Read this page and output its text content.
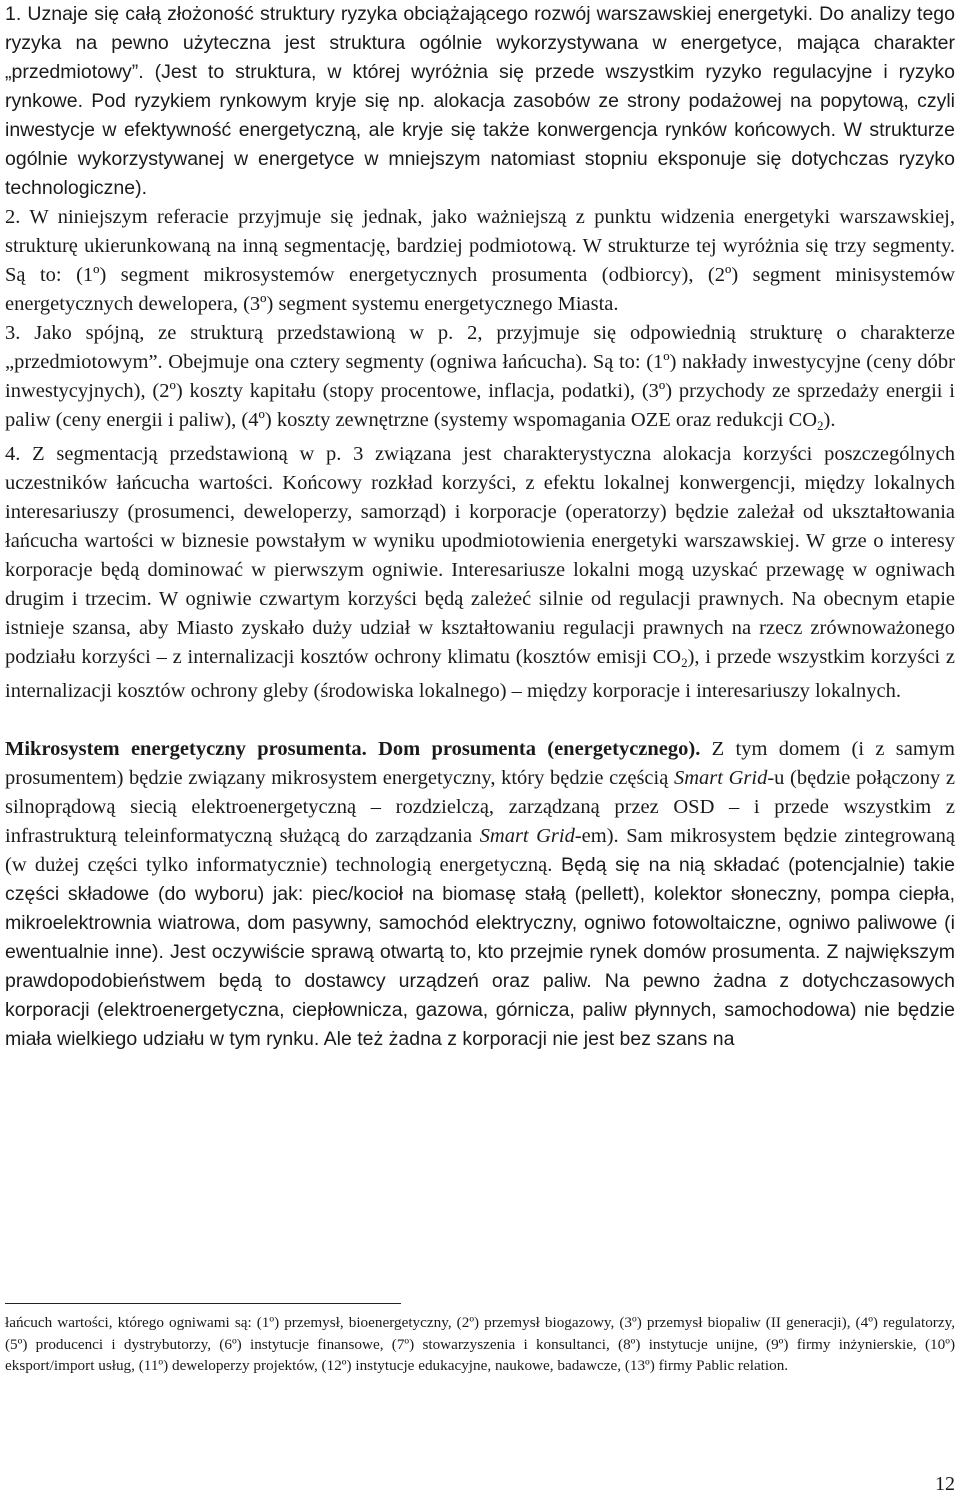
1. Uznaje się całą złożoność struktury ryzyka obciążającego rozwój warszawskiej energetyki. Do analizy tego ryzyka na pewno użyteczna jest struktura ogólnie wykorzystywana w energetyce, mająca charakter „przedmiotowy”. (Jest to struktura, w której wyróżnia się przede wszystkim ryzyko regulacyjne i ryzyko rynkowe. Pod ryzykiem rynkowym kryje się np. alokacja zasobów ze strony podażowej na popytową, czyli inwestycje w efektywność energetyczną, ale kryje się także konwergencja rynków końcowych. W strukturze ogólnie wykorzystywanej w energetyce w mniejszym natomiast stopniu eksponuje się dotychczas ryzyko technologiczne).

2. W niniejszym referacie przyjmuje się jednak, jako ważniejszą z punktu widzenia energetyki warszawskiej, strukturę ukierunkowaną na inną segmentację, bardziej podmiotową. W strukturze tej wyróżnia się trzy segmenty. Są to: (1º) segment mikrosystemów energetycznych prosumenta (odbiorcy), (2º) segment minisystemów energetycznych dewelopera, (3º) segment systemu energetycznego Miasta.

3. Jako spójną, ze strukturą przedstawioną w p. 2, przyjmuje się odpowiednią strukturę o charakterze „przedmiotowym”. Obejmuje ona cztery segmenty (ogniwa łańcucha). Są to: (1º) nakłady inwestycyjne (ceny dóbr inwestycyjnych), (2º) koszty kapitału (stopy procentowe, inflacja, podatki), (3º) przychody ze sprzedaży energii i paliw (ceny energii i paliw), (4º) koszty zewnętrzne (systemy wspomagania OZE oraz redukcji $CO_2$).

4. Z segmentacją przedstawioną w p. 3 związana jest charakterystyczna alokacja korzyści poszczególnych uczestników łańcucha wartości. Końcowy rozkład korzyści, z efektu lokalnej konwergencji, między lokalnych interesariuszy (prosumenci, deweloperzy, samorząd) i korporacje (operatorzy) będzie zależał od ukształtowania łańcucha wartości w biznesie powstałym w wyniku upodmiotowienia energetyki warszawskiej. W grze o interesy korporacje będą dominować w pierwszym ogniwie. Interesariusze lokalni mogą uzyskać przewagę w ogniwach drugim i trzecim. W ogniwie czwartym korzyści będą zależeć silnie od regulacji prawnych. Na obecnym etapie istnieje szansa, aby Miasto zyskało duży udział w kształtowaniu regulacji prawnych na rzecz zrównoważonego podziału korzyści – z internalizacji kosztów ochrony klimatu (kosztów emisji $CO_2$), i przede wszystkim korzyści z internalizacji kosztów ochrony gleby (środowiska lokalnego) – między korporacje i interesariuszy lokalnych.

Mikrosystem energetyczny prosumenta. Dom prosumenta (energetycznego). Z tym domem (i z samym prosumentem) będzie związany mikrosystem energetyczny, który będzie częścią Smart Grid-u (będzie połączony z silnoprądową siecią elektroenergetyczną – rozdzielczą, zarządzaną przez OSD – i przede wszystkim z infrastrukturą teleinformatyczną służącą do zarządzania Smart Grid-em). Sam mikrosystem będzie zintegrowaną (w dużej części tylko informatycznie) technologią energetyczną. Będą się na nią składać (potencjalnie) takie części składowe (do wyboru) jak: piec/kocioł na biomasę stałą (pellett), kolektor słoneczny, pompa ciepła, mikroelektrownia wiatrowa, dom pasywny, samochód elektryczny, ogniwo fotowoltaiczne, ogniwo paliwowe (i ewentualnie inne). Jest oczywiście sprawą otwartą to, kto przejmie rynek domów prosumenta. Z największym prawdopodobieństwem będą to dostawcy urządzeń oraz paliw. Na pewno żadna z dotychczasowych korporacji (elektroenergetyczna, ciepłownicza, gazowa, górnicza, paliw płynnych, samochodowa) nie będzie miała wielkiego udziału w tym rynku. Ale też żadna z korporacji nie jest bez szans na

łańcuch wartości, którego ogniwami są: (1º) przemysł, bioenergetyczny, (2º) przemysł biogazowy, (3º) przemysł biopaliw (II generacji), (4º) regulatorzy, (5º) producenci i dystrybutorzy, (6º) instytucje finansowe, (7º) stowarzyszenia i konsultanci, (8º) instytucje unijne, (9º) firmy inżynierskie, (10º) eksport/import usług, (11º) deweloperzy projektów, (12º) instytucje edukacyjne, naukowe, badawcze, (13º) firmy Pablic relation.

12
